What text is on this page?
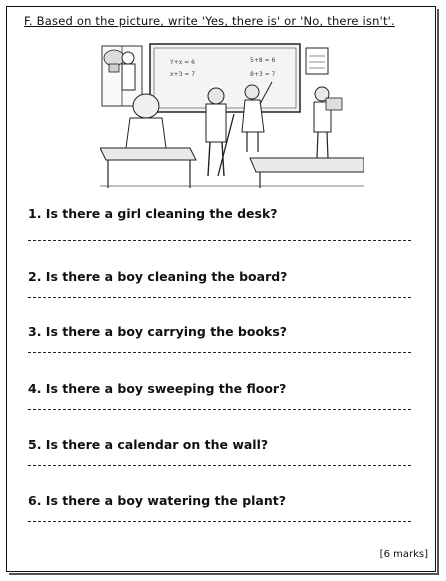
F. Based on the picture, write 'Yes, there is' or 'No, there isn't'.
Y+x = 6
x+3 = 7
5+8 = 6
8+3 = 7
1. Is there a girl cleaning the desk?
2. Is there a boy cleaning the board?
3. Is there a boy carrying the books?
4. Is there a boy sweeping the floor?
5. Is there a calendar on the wall?
6. Is there a boy watering the plant?
[6 marks]
